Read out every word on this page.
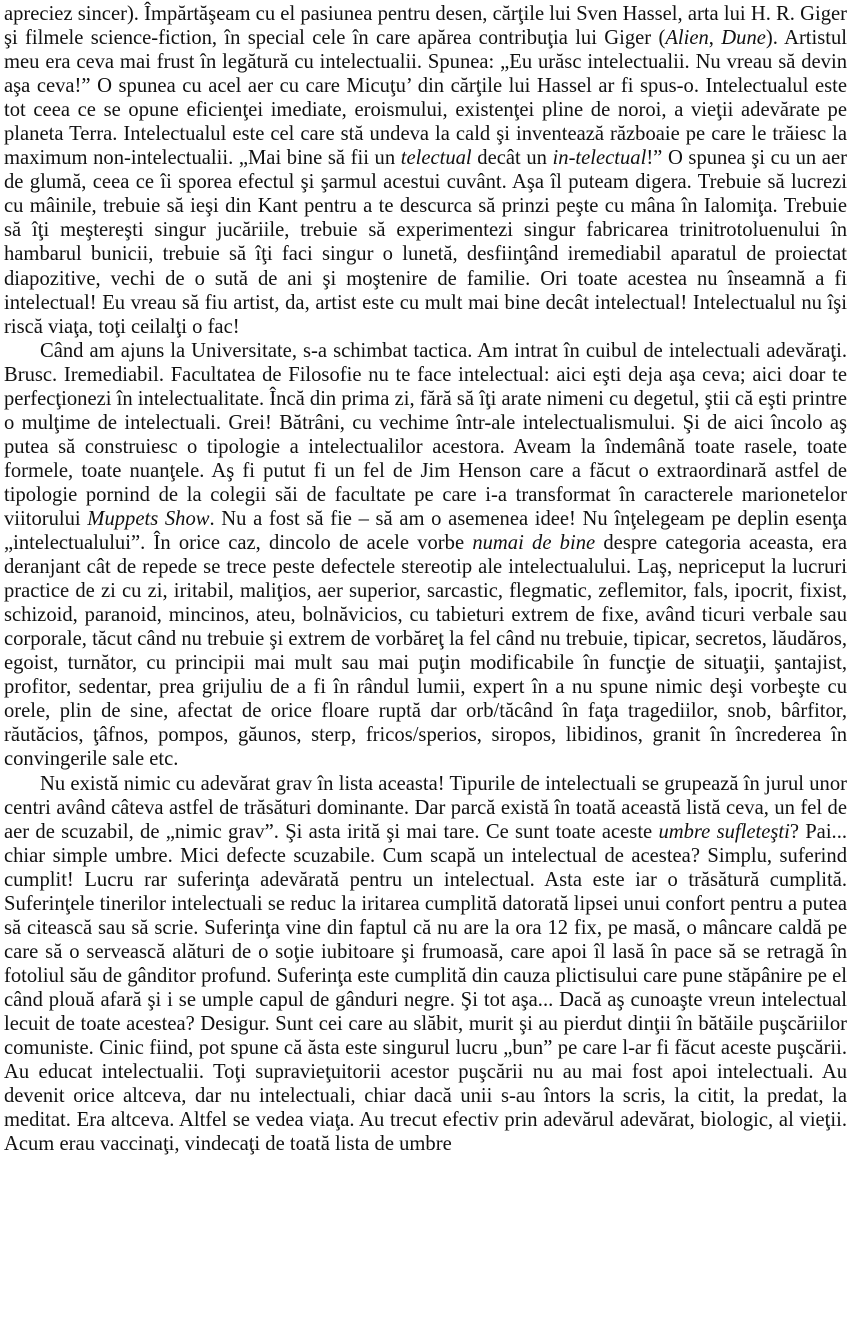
apreciez sincer). Împărtăşeam cu el pasiunea pentru desen, cărţile lui Sven Hassel, arta lui H. R. Giger şi filmele science-fiction, în special cele în care apărea contribuţia lui Giger (Alien, Dune). Artistul meu era ceva mai frust în legătură cu intelectualii. Spunea: „Eu urăsc intelectualii. Nu vreau să devin aşa ceva!” O spunea cu acel aer cu care Micuţu’ din cărţile lui Hassel ar fi spus-o. Intelectualul este tot ceea ce se opune eficienţei imediate, eroismului, existenţei pline de noroi, a vieţii adevărate pe planeta Terra. Intelectualul este cel care stă undeva la cald şi inventează războaie pe care le trăiesc la maximum non-intelectualii. „Mai bine să fii un telectual decât un in-telectual!” O spunea şi cu un aer de glumă, ceea ce îi sporea efectul şi şarmul acestui cuvânt. Aşa îl puteam digera. Trebuie să lucrezi cu mâinile, trebuie să ieşi din Kant pentru a te descurca să prinzi peşte cu mâna în Ialomiţa. Trebuie să îţi meştereşti singur jucăriile, trebuie să experimentezi singur fabricarea trinitrotoluenului în hambarul bunicii, trebuie să îţi faci singur o lunetă, desfiinţând iremediabil aparatul de proiectat diapozitive, vechi de o sută de ani şi moştenire de familie. Ori toate acestea nu înseamnă a fi intelectual! Eu vreau să fiu artist, da, artist este cu mult mai bine decât intelectual! Intelectualul nu îşi riscă viaţa, toţi ceilalţi o fac!

Când am ajuns la Universitate, s-a schimbat tactica. Am intrat în cuibul de intelectuali adevăraţi. Brusc. Iremediabil. Facultatea de Filosofie nu te face intelectual: aici eşti deja aşa ceva; aici doar te perfecţionezi în intelectualitate. Încă din prima zi, fără să îţi arate nimeni cu degetul, ştii că eşti printre o mulţime de intelectuali. Grei! Bătrâni, cu vechime într-ale intelectualismului. Şi de aici încolo aş putea să construiesc o tipologie a intelectualilor acestora. Aveam la îndemână toate rasele, toate formele, toate nuanţele. Aş fi putut fi un fel de Jim Henson care a făcut o extraordinară astfel de tipologie pornind de la colegii săi de facultate pe care i-a transformat în caracterele marionetelor viitorului Muppets Show. Nu a fost să fie – să am o asemenea idee! Nu înţelegeam pe deplin esenţa „intelectualului”. În orice caz, dincolo de acele vorbe numai de bine despre categoria aceasta, era deranjant cât de repede se trece peste defectele stereotip ale intelectualului. Laş, nepriceput la lucruri practice de zi cu zi, iritabil, maliţios, aer superior, sarcastic, flegmatic, zeflemitor, fals, ipocrit, fixist, schizoid, paranoid, mincinos, ateu, bolnăvicios, cu tabieturi extrem de fixe, având ticuri verbale sau corporale, tăcut când nu trebuie şi extrem de vorbăreţ la fel când nu trebuie, tipicar, secretos, lăudăros, egoist, turnător, cu principii mai mult sau mai puţin modificabile în funcţie de situaţii, şantajist, profitor, sedentar, prea grijuliu de a fi în rândul lumii, expert în a nu spune nimic deşi vorbeşte cu orele, plin de sine, afectat de orice floare ruptă dar orb/tăcând în faţa tragediilor, snob, bârfitor, răutăcios, ţâfnos, pompos, găunos, sterp, fricos/sperios, siropos, libidinos, granit în încrederea în convingerile sale etc.

Nu există nimic cu adevărat grav în lista aceasta! Tipurile de intelectuali se grupează în jurul unor centri având câteva astfel de trăsături dominante. Dar parcă există în toată această listă ceva, un fel de aer de scuzabil, de „nimic grav”. Şi asta irită şi mai tare. Ce sunt toate aceste umbre sufleteşti? Pai... chiar simple umbre. Mici defecte scuzabile. Cum scapă un intelectual de acestea? Simplu, suferind cumplit! Lucru rar suferinţa adevărată pentru un intelectual. Asta este iar o trăsătură cumplită. Suferinţele tinerilor intelectuali se reduc la iritarea cumplită datorată lipsei unui confort pentru a putea să citească sau să scrie. Suferinţa vine din faptul că nu are la ora 12 fix, pe masă, o mâncare caldă pe care să o servească alături de o soţie iubitoare şi frumoasă, care apoi îl lasă în pace să se retragă în fotoliul său de gânditor profund. Suferinţa este cumplită din cauza plictisului care pune stăpânire pe el când plouă afară şi i se umple capul de gânduri negre. Şi tot aşa... Dacă aş cunoaşte vreun intelectual lecuit de toate acestea? Desigur. Sunt cei care au slăbit, murit şi au pierdut dinţii în bătăile puşcăriilor comuniste. Cinic fiind, pot spune că ăsta este singurul lucru „bun” pe care l-ar fi făcut aceste puşcării. Au educat intelectualii. Toţi supravieţuitorii acestor puşcării nu au mai fost apoi intelectuali. Au devenit orice altceva, dar nu intelectuali, chiar dacă unii s-au întors la scris, la citit, la predat, la meditat. Era altceva. Altfel se vedea viaţa. Au trecut efectiv prin adevărul adevărat, biologic, al vieţii. Acum erau vaccinaţi, vindecaţi de toată lista de umbre
